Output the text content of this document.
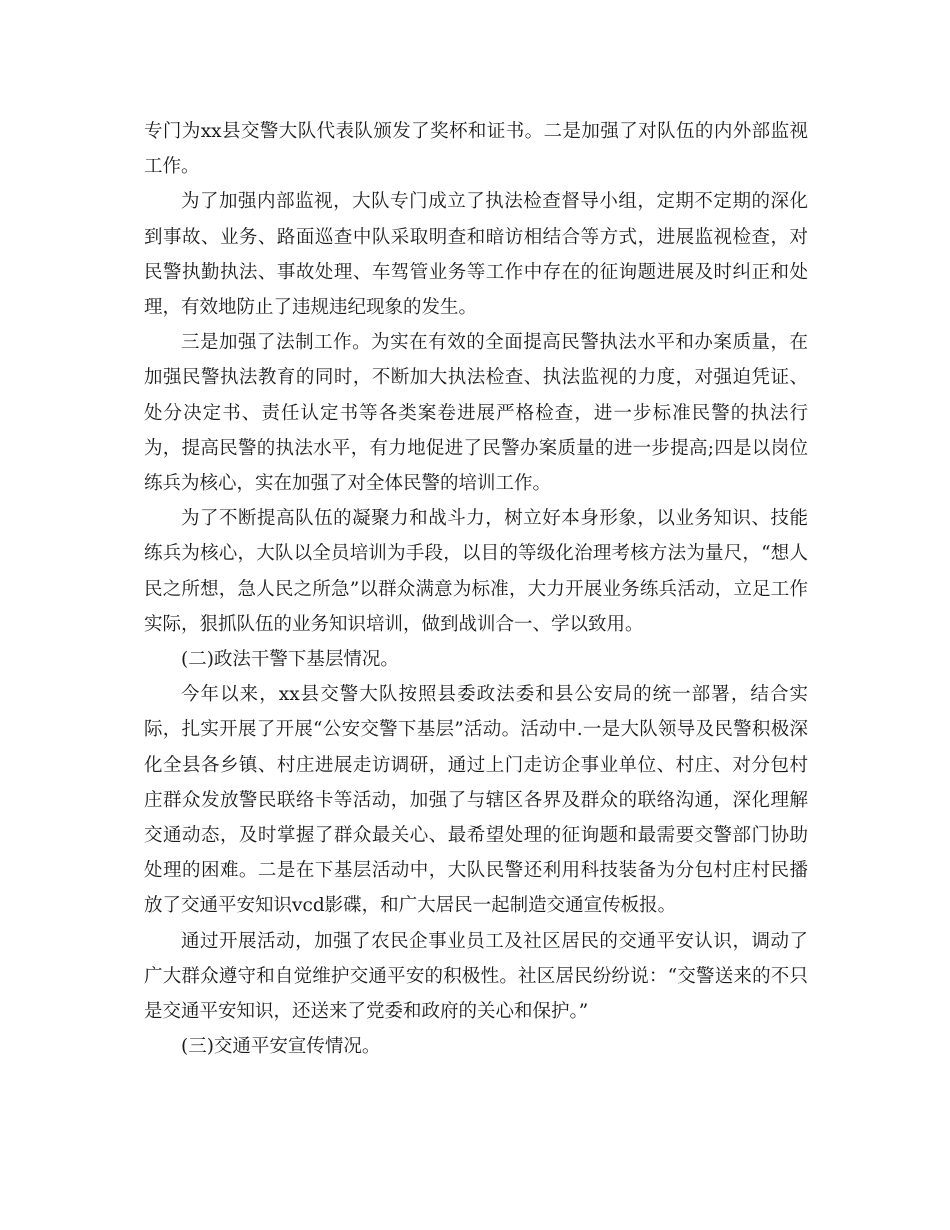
专门为xx县交警大队代表队颁发了奖杯和证书。二是加强了对队伍的内外部监视工作。

为了加强内部监视，大队专门成立了执法检查督导小组，定期不定期的深化到事故、业务、路面巡查中队采取明查和暗访相结合等方式，进展监视检查，对民警执勤执法、事故处理、车驾管业务等工作中存在的征询题进展及时纠正和处理，有效地防止了违规违纪现象的发生。

三是加强了法制工作。为实在有效的全面提高民警执法水平和办案质量，在加强民警执法教育的同时，不断加大执法检查、执法监视的力度，对强迫凭证、处分决定书、责任认定书等各类案卷进展严格检查，进一步标准民警的执法行为，提高民警的执法水平，有力地促进了民警办案质量的进一步提高;四是以岗位练兵为核心，实在加强了对全体民警的培训工作。

为了不断提高队伍的凝聚力和战斗力，树立好本身形象，以业务知识、技能练兵为核心，大队以全员培训为手段，以目的等级化治理考核方法为量尺，“想人民之所想，急人民之所急”以群众满意为标准，大力开展业务练兵活动，立足工作实际，狠抓队伍的业务知识培训，做到战训合一、学以致用。

(二)政法干警下基层情况。

今年以来，xx县交警大队按照县委政法委和县公安局的统一部署，结合实际，扎实开展了开展“公安交警下基层”活动。活动中.一是大队领导及民警积极深化全县各乡镇、村庄进展走访调研，通过上门走访企事业单位、村庄、对分包村庄群众发放警民联络卡等活动，加强了与辖区各界及群众的联络沟通，深化理解交通动态，及时掌握了群众最关心、最希望处理的征询题和最需要交警部门协助处理的困难。二是在下基层活动中，大队民警还利用科技装备为分包村庄村民播放了交通平安知识vcd影碟，和广大居民一起制造交通宣传板报。

通过开展活动，加强了农民企事业员工及社区居民的交通平安认识，调动了广大群众遵守和自觉维护交通平安的积极性。社区居民纷纷说：“交警送来的不只是交通平安知识，还送来了党委和政府的关心和保护。”

(三)交通平安宣传情况。
